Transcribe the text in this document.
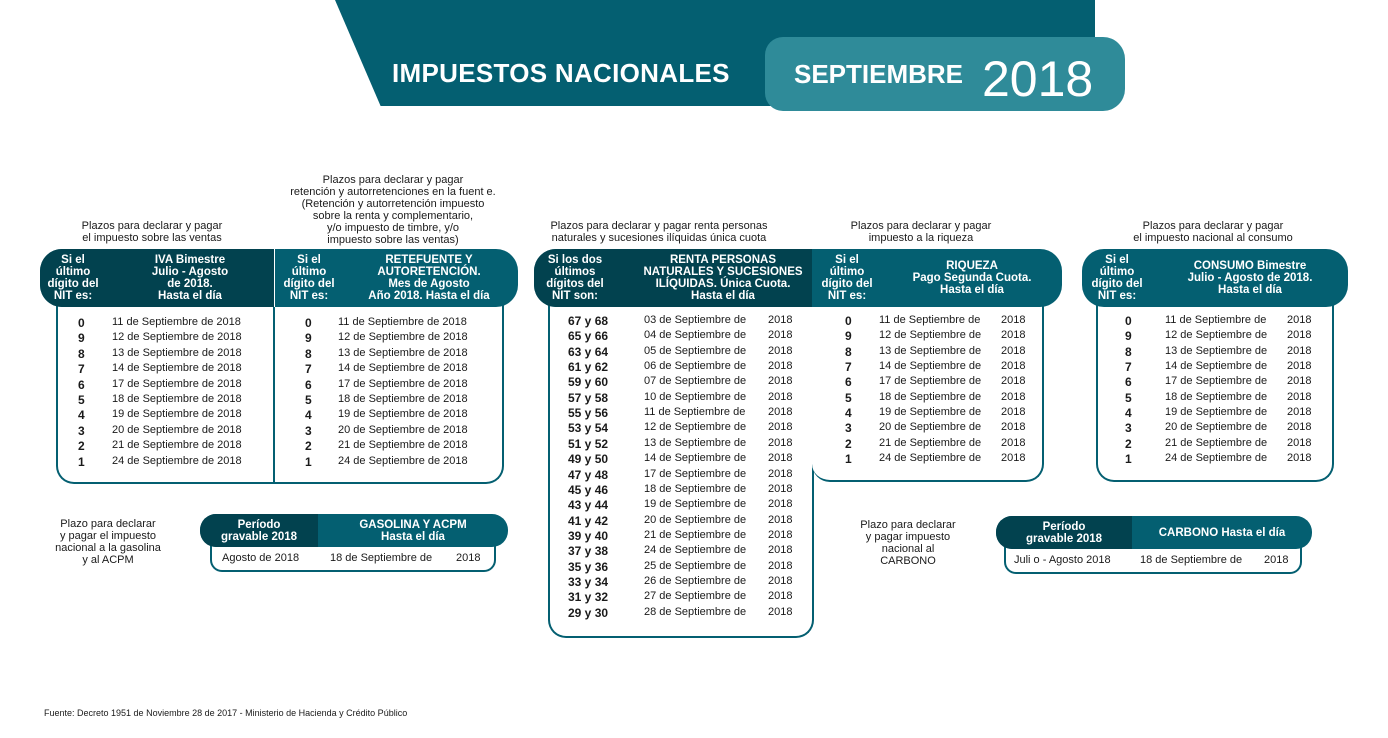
IMPUESTOS NACIONALES SEPTIEMBRE 2018
Plazos para declarar y pagar
el impuesto sobre las ventas
Plazos para declarar y pagar
retención y autorretenciones en la fuent e.
(Retención y autorretención impuesto
sobre la renta y complementario,
y/o impuesto de timbre, y/o
impuesto sobre las ventas)
Si el
último
dígito del
NIT es:
IVA Bimestre
Julio - Agosto
de 2018.
Hasta el día
Si el
último
dígito del
NIT es:
RETEFUENTE Y
AUTORETENCIÓN.
Mes de Agosto
Año 2018. Hasta el día
0 11 de Septiembre de 2018
9 12 de Septiembre de 2018
8 13 de Septiembre de 2018
7 14 de Septiembre de 2018
6 17 de Septiembre de 2018
5 18 de Septiembre de 2018
4 19 de Septiembre de 2018
3 20 de Septiembre de 2018
2 21 de Septiembre de 2018
1 24 de Septiembre de 2018
0 11 de Septiembre de 2018
9 12 de Septiembre de 2018
8 13 de Septiembre de 2018
7 14 de Septiembre de 2018
6 17 de Septiembre de 2018
5 18 de Septiembre de 2018
4 19 de Septiembre de 2018
3 20 de Septiembre de 2018
2 21 de Septiembre de 2018
1 24 de Septiembre de 2018
Plazos para declarar y pagar renta personas
naturales y sucesiones ilíquidas única cuota
Si los dos
últimos
dígitos del
NIT son:
RENTA PERSONAS
NATURALES Y SUCESIONES
ILÍQUIDAS. Única Cuota.
Hasta el día
67 y 68	03 de Septiembre de 2018
65 y 66	04 de Septiembre de 2018
63 y 64	05 de Septiembre de 2018
61 y 62	06 de Septiembre de 2018
59 y 60	07 de Septiembre de 2018
57 y 58	10 de Septiembre de 2018
55 y 56	11 de Septiembre de 2018
53 y 54	12 de Septiembre de 2018
51 y 52	13 de Septiembre de 2018
49 y 50	14 de Septiembre de 2018
47 y 48	17 de Septiembre de 2018
45 y 46	18 de Septiembre de 2018
43 y 44	19 de Septiembre de 2018
41 y 42	20 de Septiembre de 2018
39 y 40	21 de Septiembre de 2018
37 y 38	24 de Septiembre de 2018
35 y 36	25 de Septiembre de 2018
33 y 34	26 de Septiembre de 2018
31 y 32	27 de Septiembre de 2018
29 y 30	28 de Septiembre de 2018
Plazos para declarar y pagar
impuesto a la riqueza
Si el
último
dígito del
NIT es:
RIQUEZA
Pago Segunda Cuota.
Hasta el día
0 11 de Septiembre de 2018
9 12 de Septiembre de 2018
8 13 de Septiembre de 2018
7 14 de Septiembre de 2018
6 17 de Septiembre de 2018
5 18 de Septiembre de 2018
4 19 de Septiembre de 2018
3 20 de Septiembre de 2018
2 21 de Septiembre de 2018
1 24 de Septiembre de 2018
Plazos para declarar y pagar
el impuesto nacional al consumo
Si el
último
dígito del
NIT es:
CONSUMO Bimestre
Julio - Agosto de 2018.
Hasta el día
0	11 de Septiembre de 2018
9	12 de Septiembre de 2018
8	13 de Septiembre de 2018
7	14 de Septiembre de 2018
6	17 de Septiembre de 2018
5	18 de Septiembre de 2018
4	19 de Septiembre de 2018
3	20 de Septiembre de 2018
2	21 de Septiembre de 2018
1	24 de Septiembre de 2018
Plazo para declarar
y pagar el impuesto
nacional a la gasolina
y al ACPM
Período
gravable 2018
GASOLINA Y ACPM
Hasta el día
Agosto de 2018	18 de Septiembre de 2018
Plazo para declarar
y pagar impuesto
nacional al
CARBONO
Período
gravable 2018	CARBONO Hasta el día
Juli o - Agosto 2018	18 de Septiembre de 2018
Fuente: Decreto 1951 de Noviembre 28 de 2017 - Ministerio de Hacienda y Crédito Público
